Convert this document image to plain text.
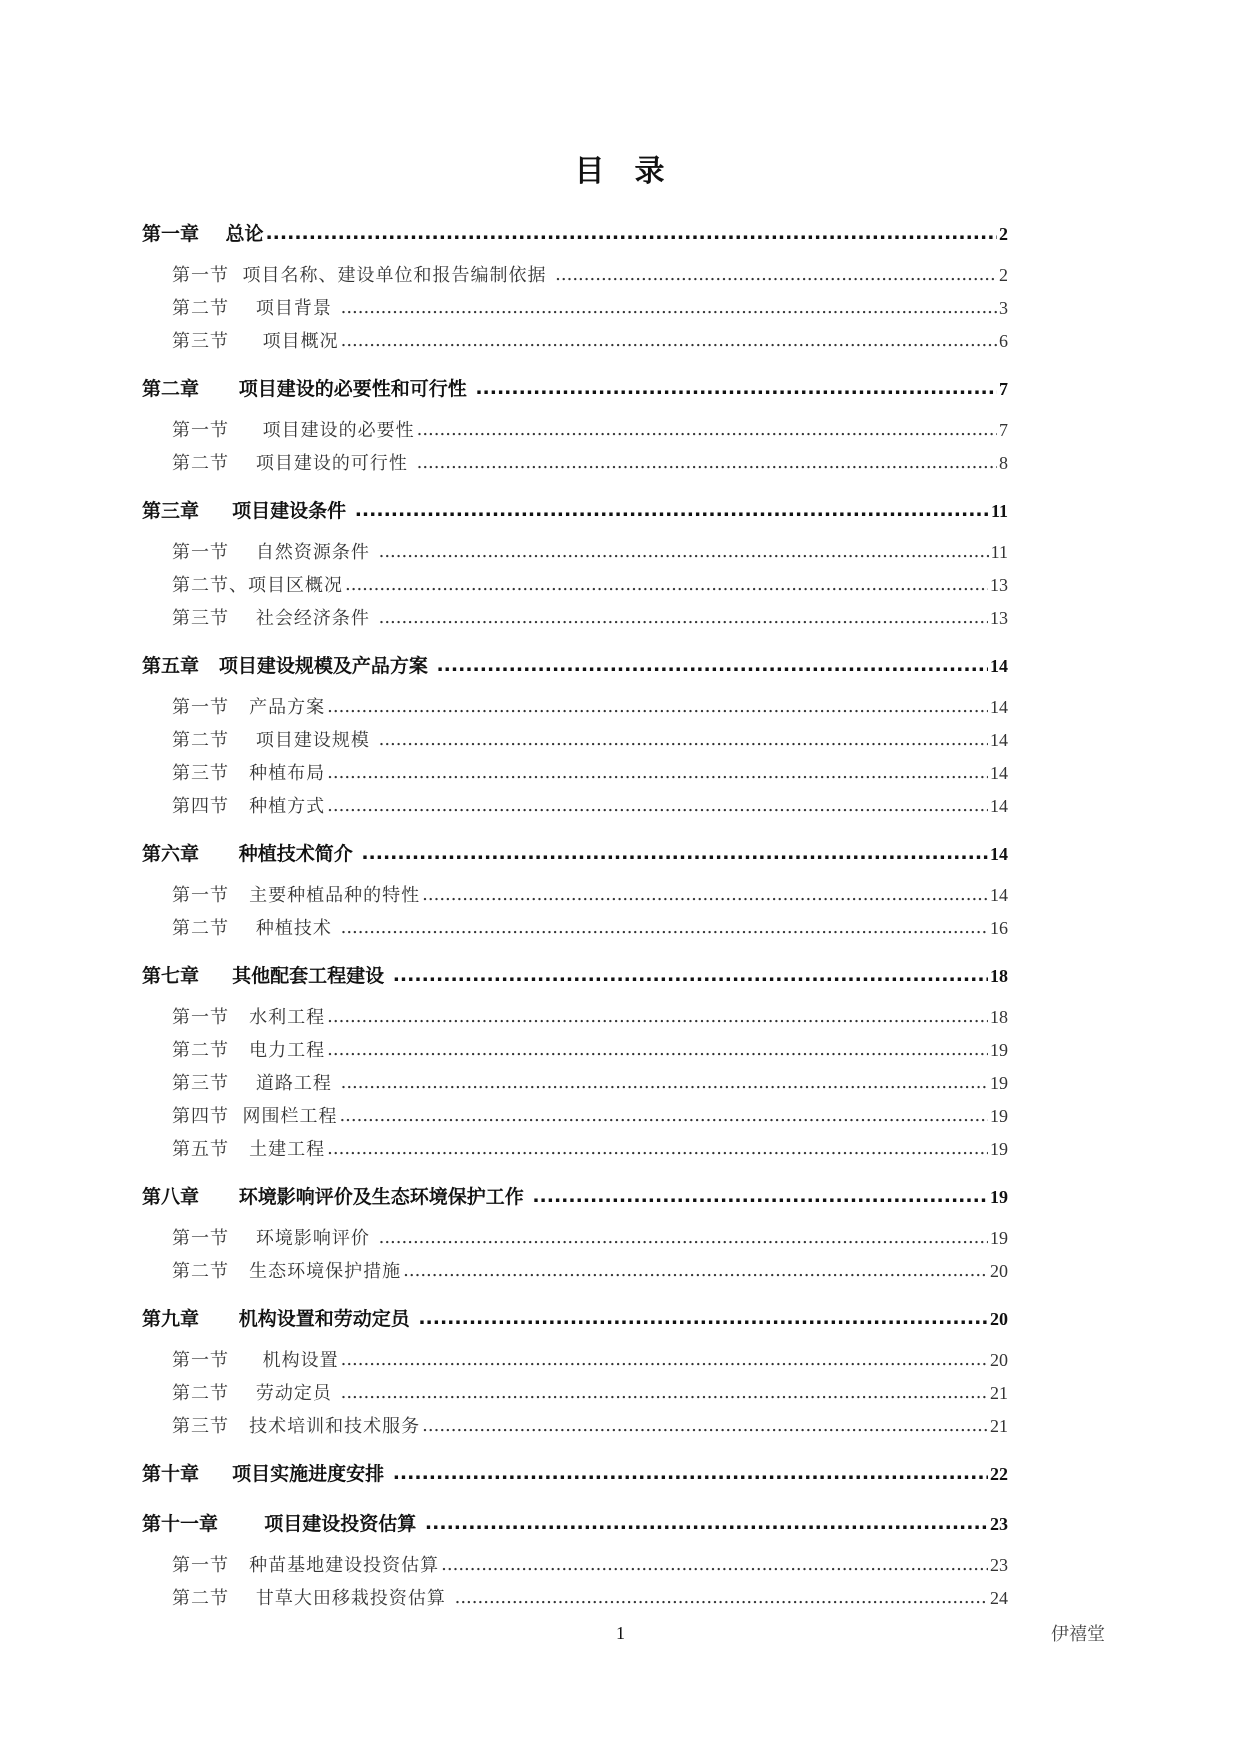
目 录
第一章    总论 .....	2
第一节  项目名称、建设单位和报告编制依据 .....	2
第二节    项目背景 .....	3
第三节     项目概况 .....	6
第二章      项目建设的必要性和可行性 .....	7
第一节     项目建设的必要性 .....	7
第二节    项目建设的可行性 .....	8
第三章     项目建设条件 .....	11
第一节    自然资源条件 .....	11
第二节、项目区概况 .....	13
第三节    社会经济条件 .....	13
第五章   项目建设规模及产品方案 .....	14
第一节   产品方案 .....	14
第二节    项目建设规模 .....	14
第三节   种植布局 .....	14
第四节   种植方式 .....	14
第六章      种植技术简介 .....	14
第一节   主要种植品种的特性 .....	14
第二节    种植技术 .....	16
第七章     其他配套工程建设 .....	18
第一节   水利工程 .....	18
第二节   电力工程 .....	19
第三节    道路工程 .....	19
第四节  网围栏工程 .....	19
第五节   土建工程 .....	19
第八章      环境影响评价及生态环境保护工作 .....	19
第一节    环境影响评价 .....	19
第二节   生态环境保护措施 .....	20
第九章      机构设置和劳动定员 .....	20
第一节     机构设置 .....	20
第二节    劳动定员 .....	21
第三节   技术培训和技术服务 .....	21
第十章     项目实施进度安排 .....	22
第十一章       项目建设投资估算 .....	23
第一节   种苗基地建设投资估算 .....	23
第二节    甘草大田移栽投资估算 .....	24
1	伊禧堂
